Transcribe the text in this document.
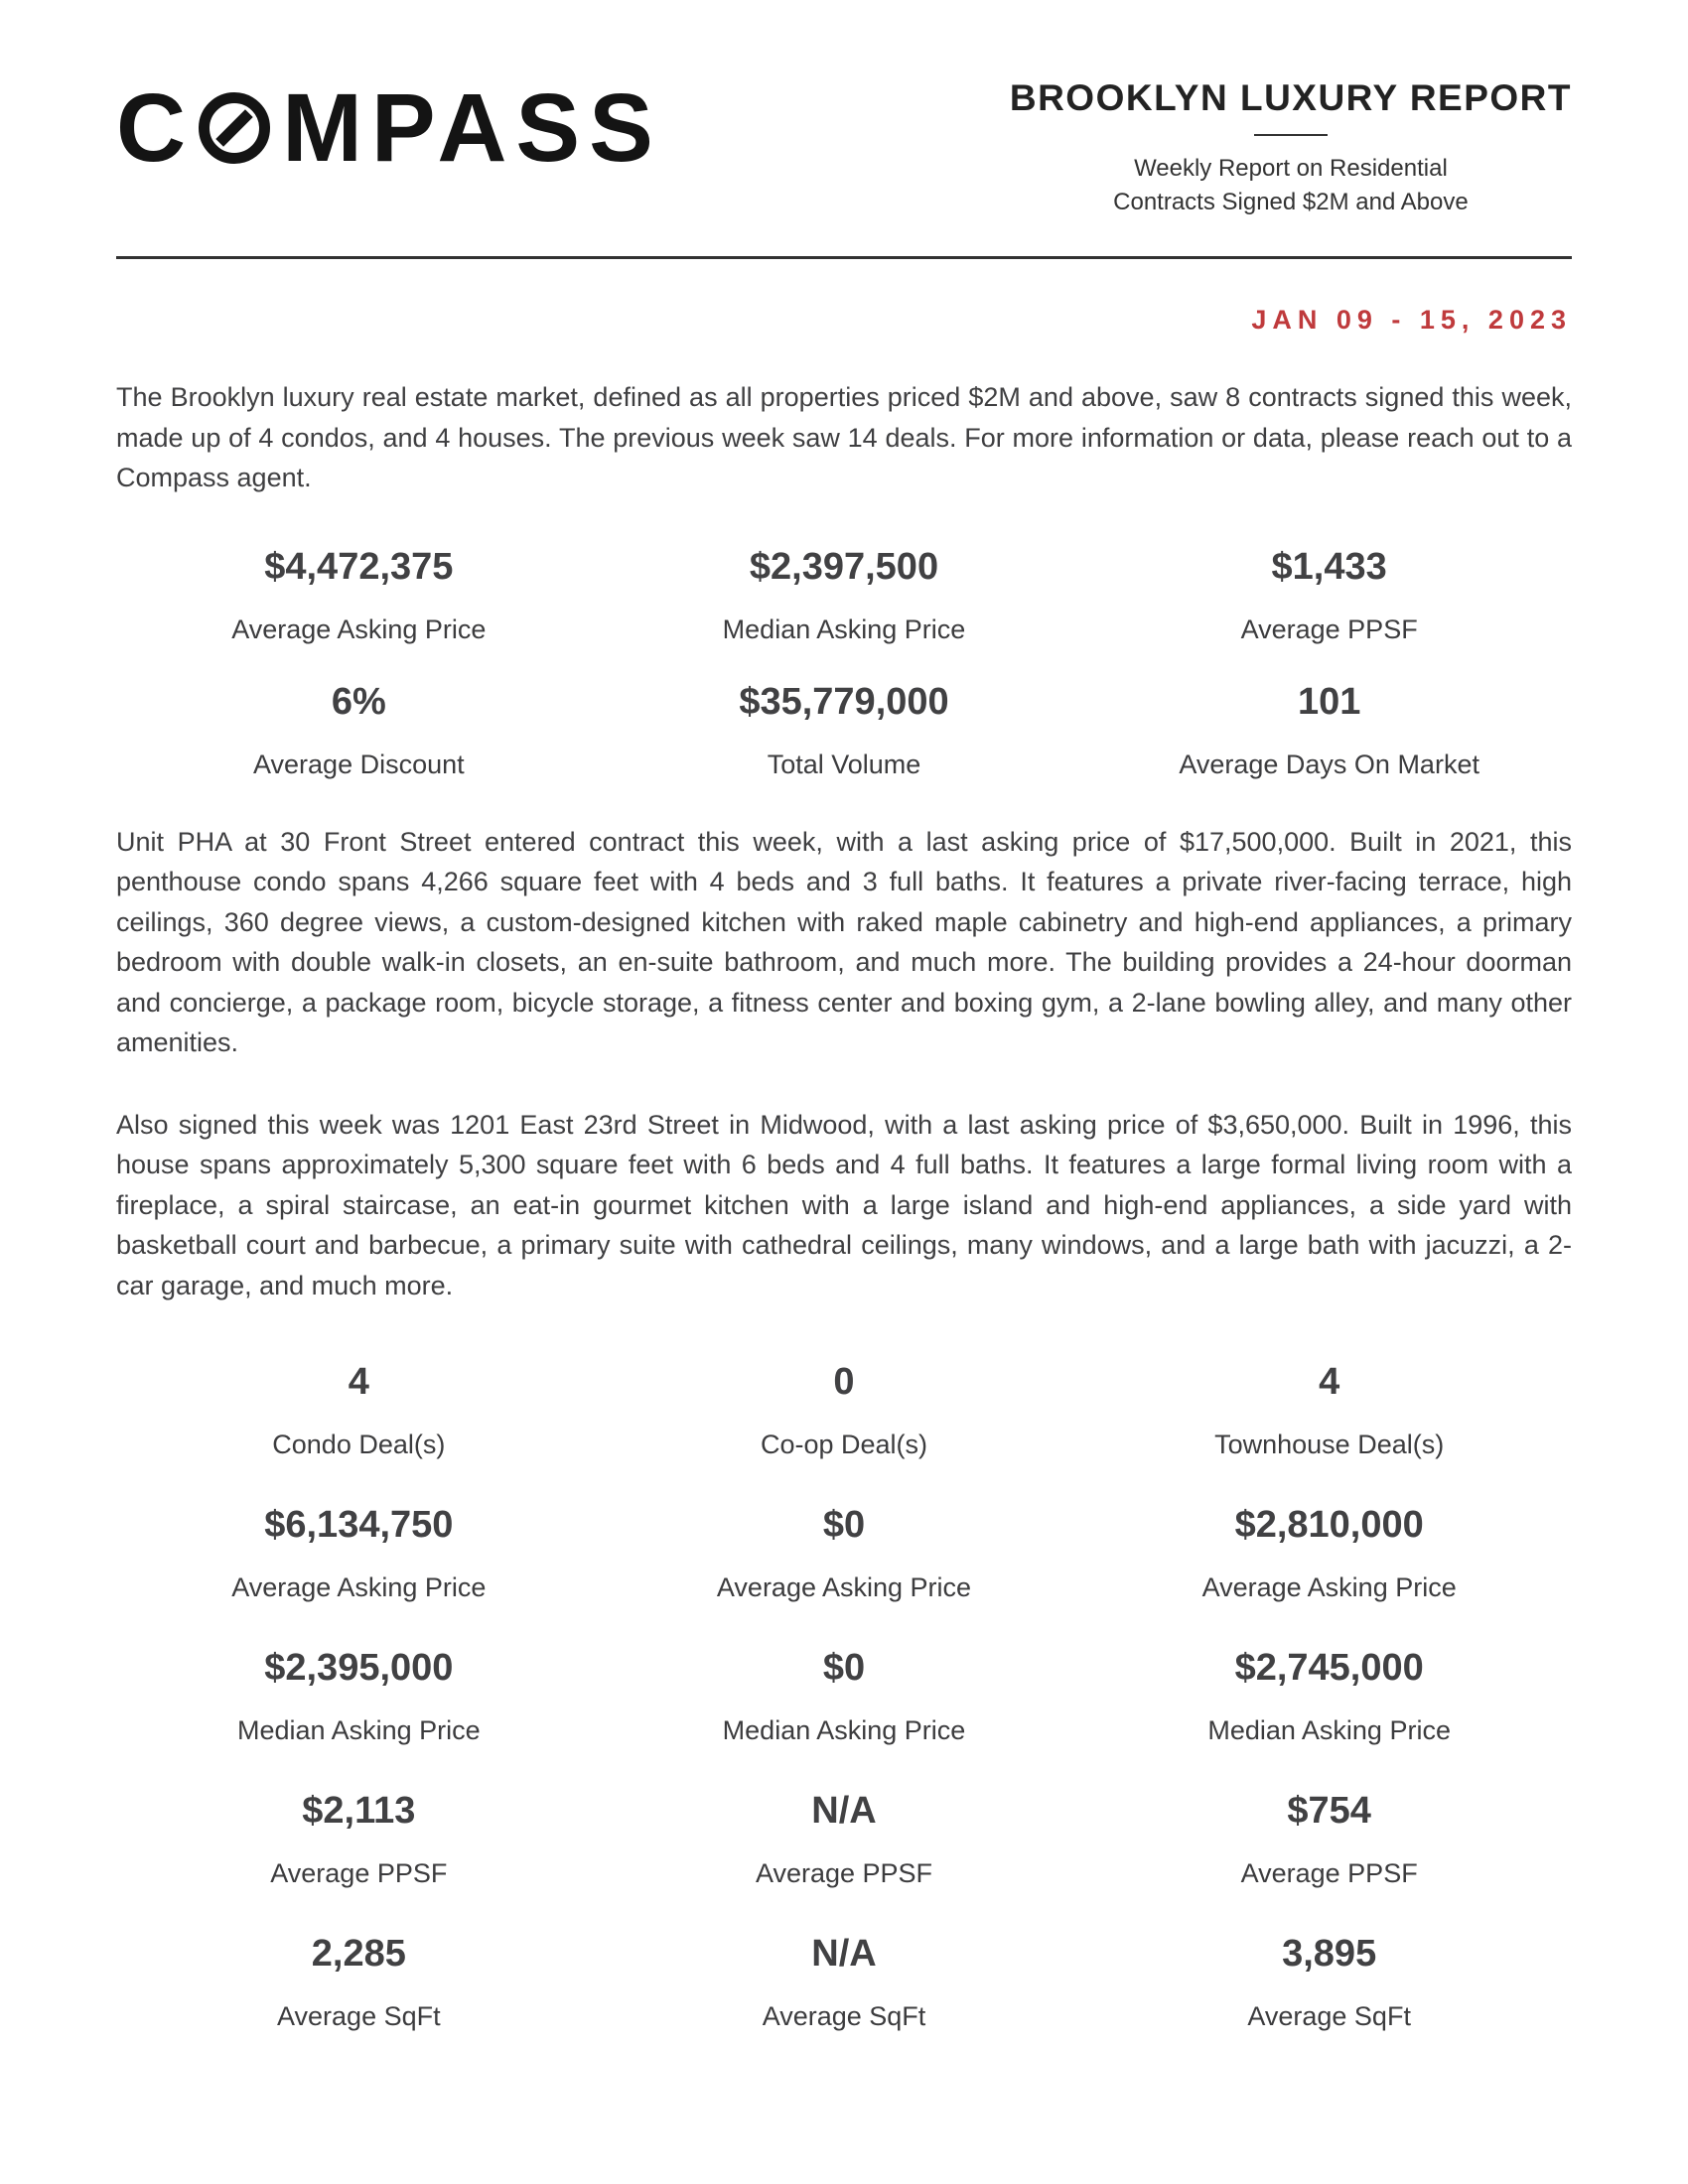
C MPASS	BROOKLYN LUXURY REPORT
Weekly Report on Residential
Contracts Signed $2M and Above
JAN 09 - 15, 2023

The Brooklyn luxury real estate market, defined as all properties priced $2M and above, saw 8 contracts signed this week, made up of 4 condos, and 4 houses. The previous week saw 14 deals. For more information or data, please reach out to a Compass agent.

$4,472,375
Average Asking Price
$2,397,500
Median Asking Price
$1,433
Average PPSF
6%
Average Discount
$35,779,000
Total Volume
101
Average Days On Market

Unit PHA at 30 Front Street entered contract this week, with a last asking price of $17,500,000. Built in 2021, this penthouse condo spans 4,266 square feet with 4 beds and 3 full baths. It features a private river-facing terrace, high ceilings, 360 degree views, a custom-designed kitchen with raked maple cabinetry and high-end appliances, a primary bedroom with double walk-in closets, an en-suite bathroom, and much more. The building provides a 24-hour doorman and concierge, a package room, bicycle storage, a fitness center and boxing gym, a 2-lane bowling alley, and many other amenities.

Also signed this week was 1201 East 23rd Street in Midwood, with a last asking price of $3,650,000. Built in 1996, this house spans approximately 5,300 square feet with 6 beds and 4 full baths. It features a large formal living room with a fireplace, a spiral staircase, an eat-in gourmet kitchen with a large island and high-end appliances, a side yard with basketball court and barbecue, a primary suite with cathedral ceilings, many windows, and a large bath with jacuzzi, a 2-car garage, and much more.

4
Condo Deal(s)
0
Co-op Deal(s)
4
Townhouse Deal(s)
$6,134,750
Average Asking Price
$0
Average Asking Price
$2,810,000
Average Asking Price
$2,395,000
Median Asking Price
$0
Median Asking Price
$2,745,000
Median Asking Price
$2,113
Average PPSF
N/A
Average PPSF
$754
Average PPSF
2,285
Average SqFt
N/A
Average SqFt
3,895
Average SqFt
